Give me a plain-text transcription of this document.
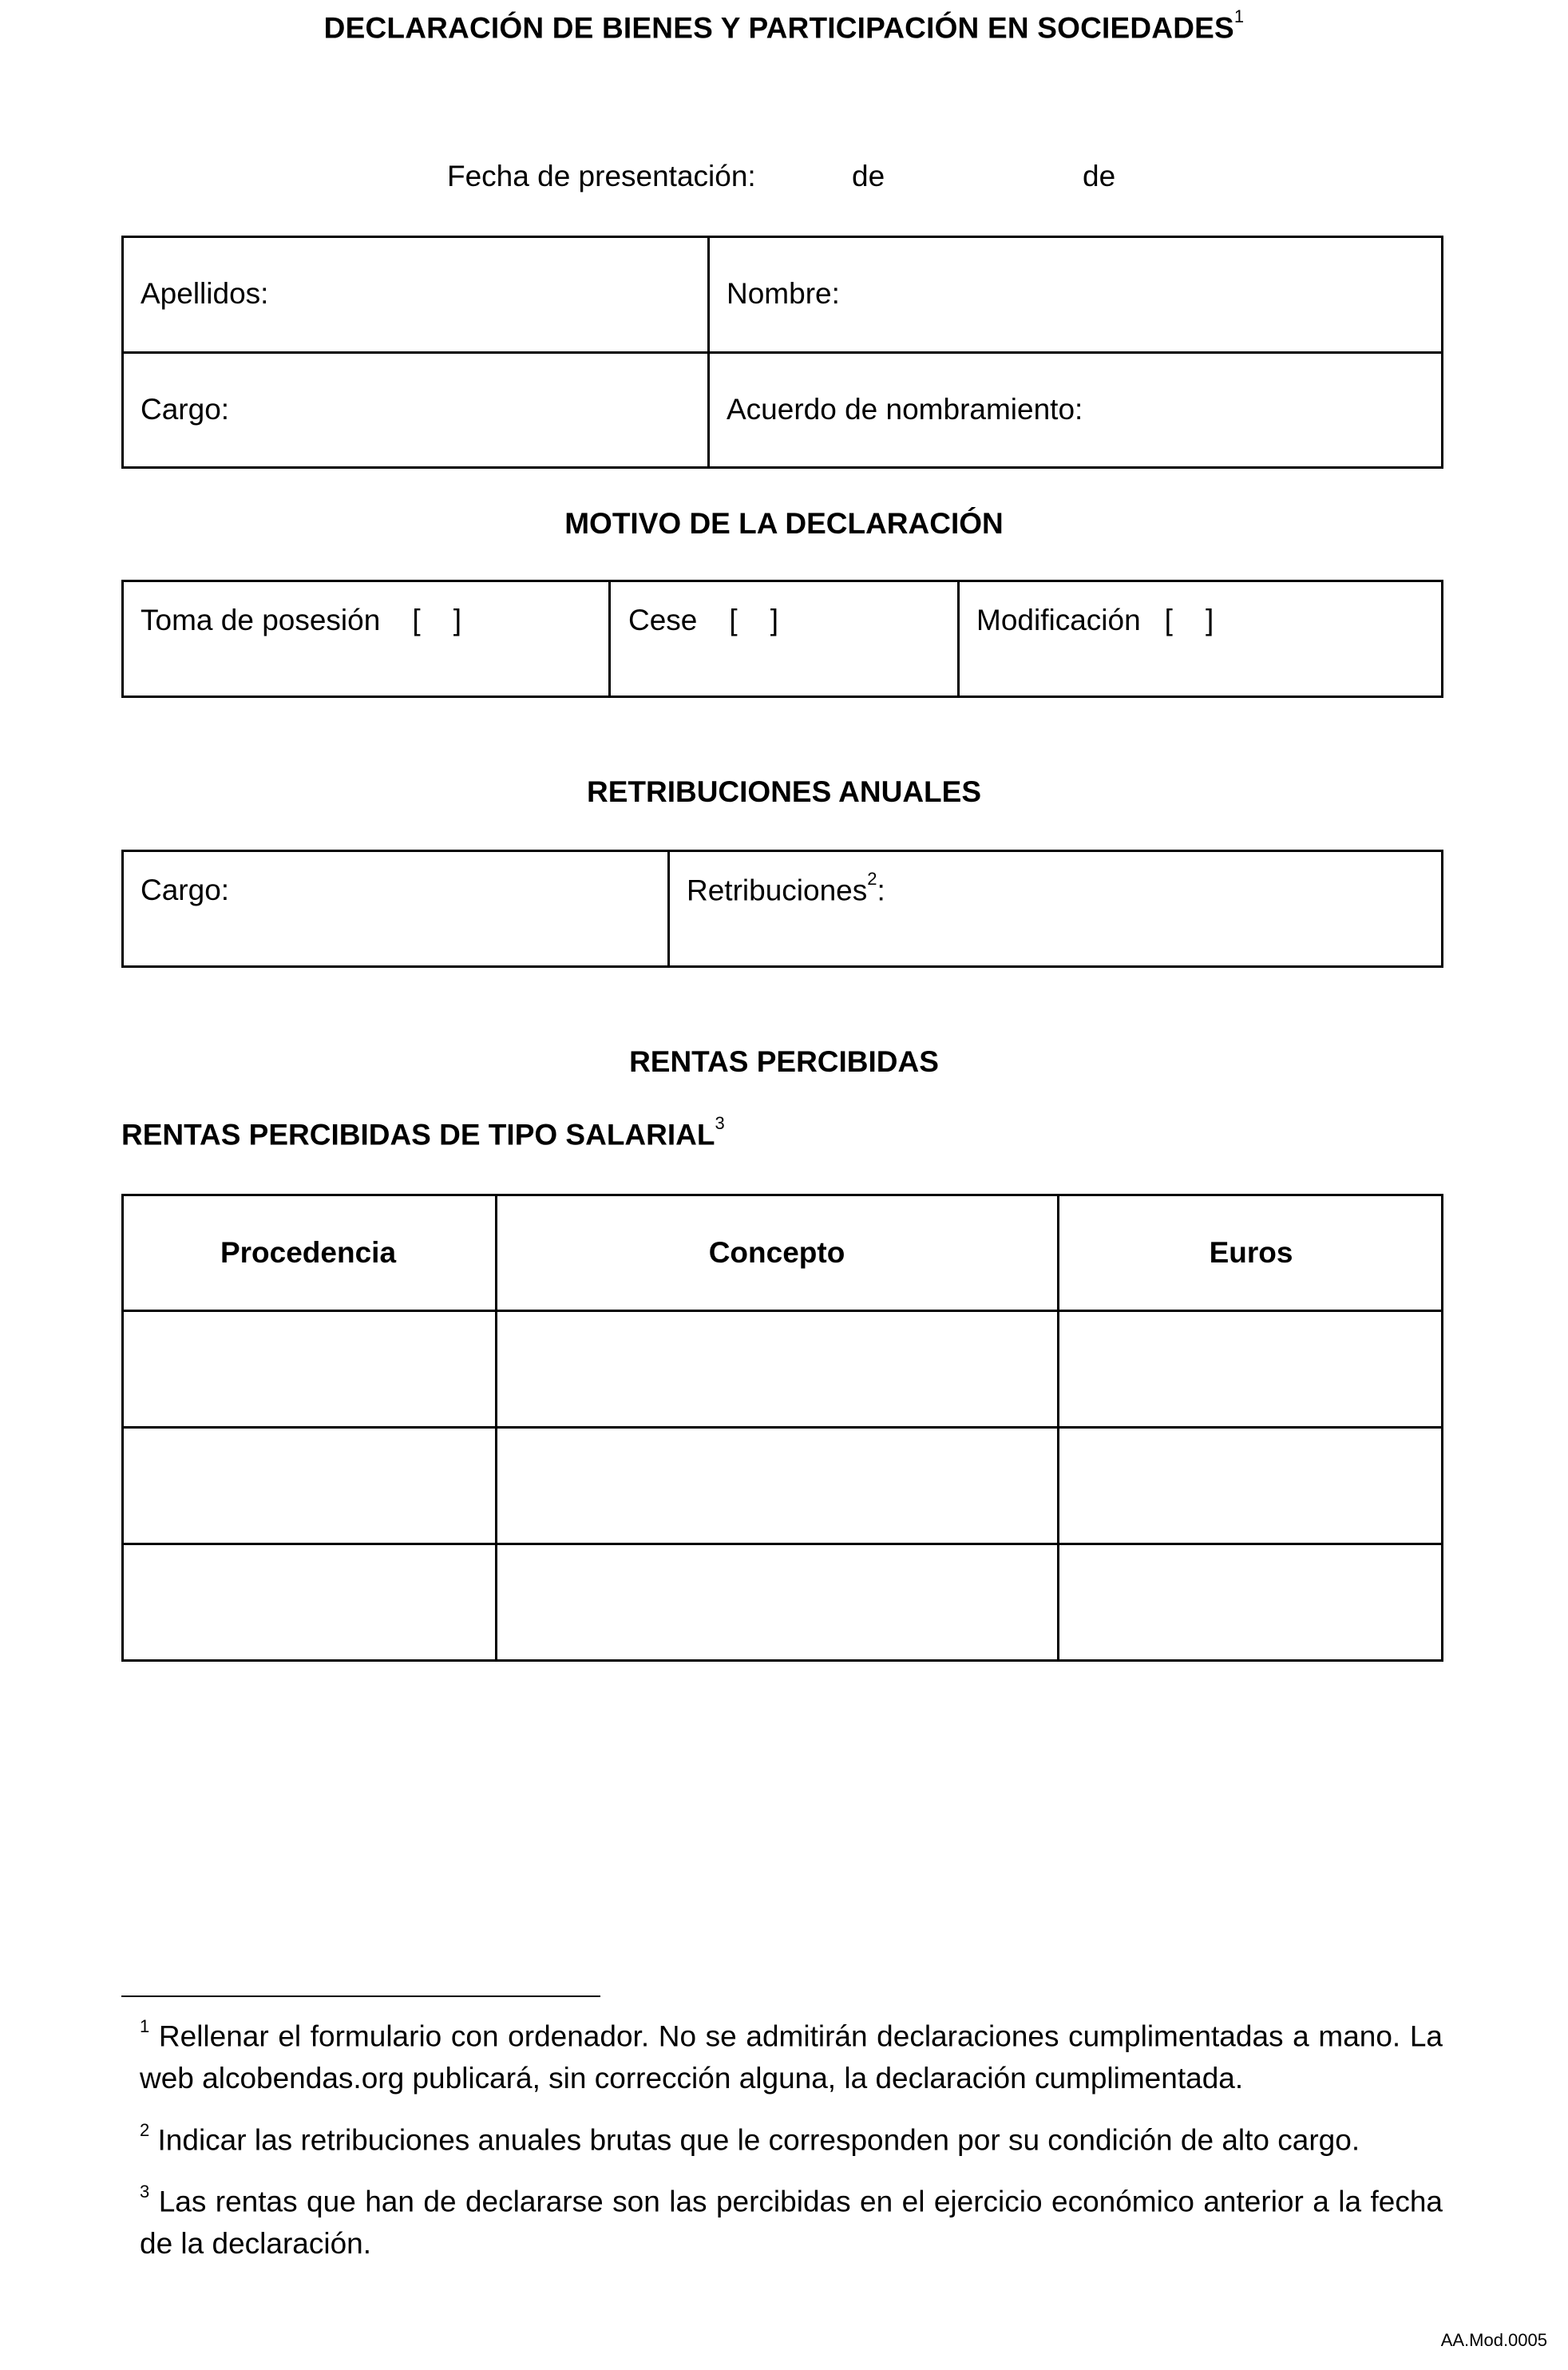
DECLARACIÓN DE BIENES Y PARTICIPACIÓN EN SOCIEDADES$^1$
Fecha de presentación:	de	de
Apellidos:	Nombre:
Cargo:	Acuerdo de nombramiento:
MOTIVO DE LA DECLARACIÓN
Toma de posesión [    ]	Cese [    ]	Modificación [    ]
RETRIBUCIONES ANUALES
Cargo:	Retribuciones$^2$:
RENTAS PERCIBIDAS
RENTAS PERCIBIDAS DE TIPO SALARIAL$^3$
Procedencia	Concepto	Euros
$^1$ Rellenar el formulario con ordenador. No se admitirán declaraciones cumplimentadas a mano. La web alcobendas.org publicará, sin corrección alguna, la declaración cumplimentada.
$^2$ Indicar las retribuciones anuales brutas que le corresponden por su condición de alto cargo.
$^3$ Las rentas que han de declararse son las percibidas en el ejercicio económico anterior a la fecha de la declaración.
AA.Mod.0005
